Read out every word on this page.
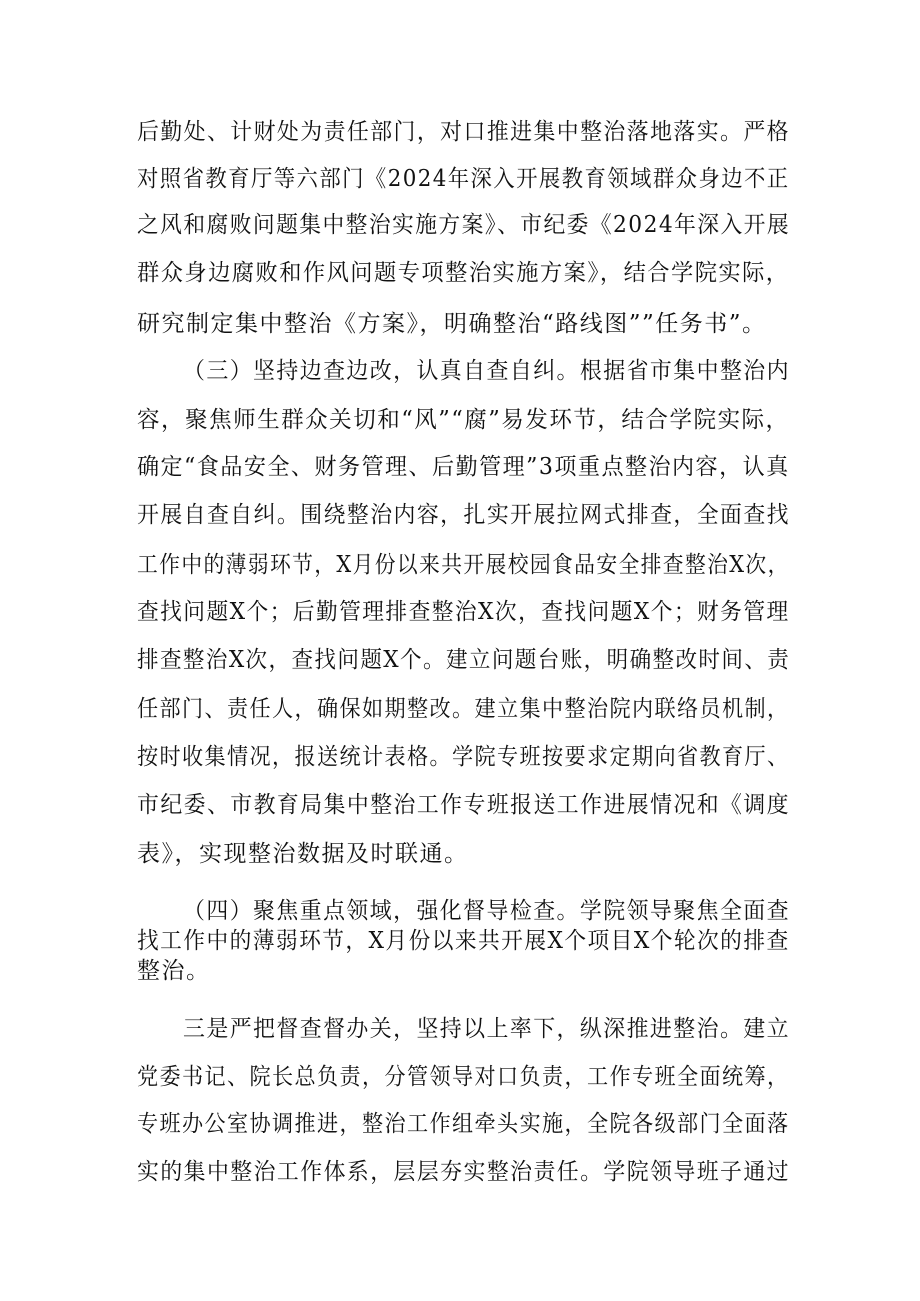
后勤处、计财处为责任部门，对口推进集中整治落地落实。严格
对照省教育厅等六部门《2024年深入开展教育领域群众身边不正
之风和腐败问题集中整治实施方案》、市纪委《2024年深入开展
群众身边腐败和作风问题专项整治实施方案》，结合学院实际，
研究制定集中整治《方案》，明确整治“路线图””任务书”。
（三）坚持边查边改，认真自查自纠。根据省市集中整治内
容，聚焦师生群众关切和“风”“腐”易发环节，结合学院实际，
确定“食品安全、财务管理、后勤管理”3项重点整治内容，认真
开展自查自纠。围绕整治内容，扎实开展拉网式排查，全面查找
工作中的薄弱环节，X月份以来共开展校园食品安全排查整治X次，
查找问题X个；后勤管理排查整治X次，查找问题X个；财务管理
排查整治X次，查找问题X个。建立问题台账，明确整改时间、责
任部门、责任人，确保如期整改。建立集中整治院内联络员机制，
按时收集情况，报送统计表格。学院专班按要求定期向省教育厅、
市纪委、市教育局集中整治工作专班报送工作进展情况和《调度
表》，实现整治数据及时联通。
（四）聚焦重点领域，强化督导检查。学院领导聚焦全面查
找工作中的薄弱环节，X月份以来共开展X个项目X个轮次的排查
整治。
三是严把督查督办关，坚持以上率下，纵深推进整治。建立
党委书记、院长总负责，分管领导对口负责，工作专班全面统筹，
专班办公室协调推进，整治工作组牵头实施，全院各级部门全面落
实的集中整治工作体系，层层夯实整治责任。学院领导班子通过
